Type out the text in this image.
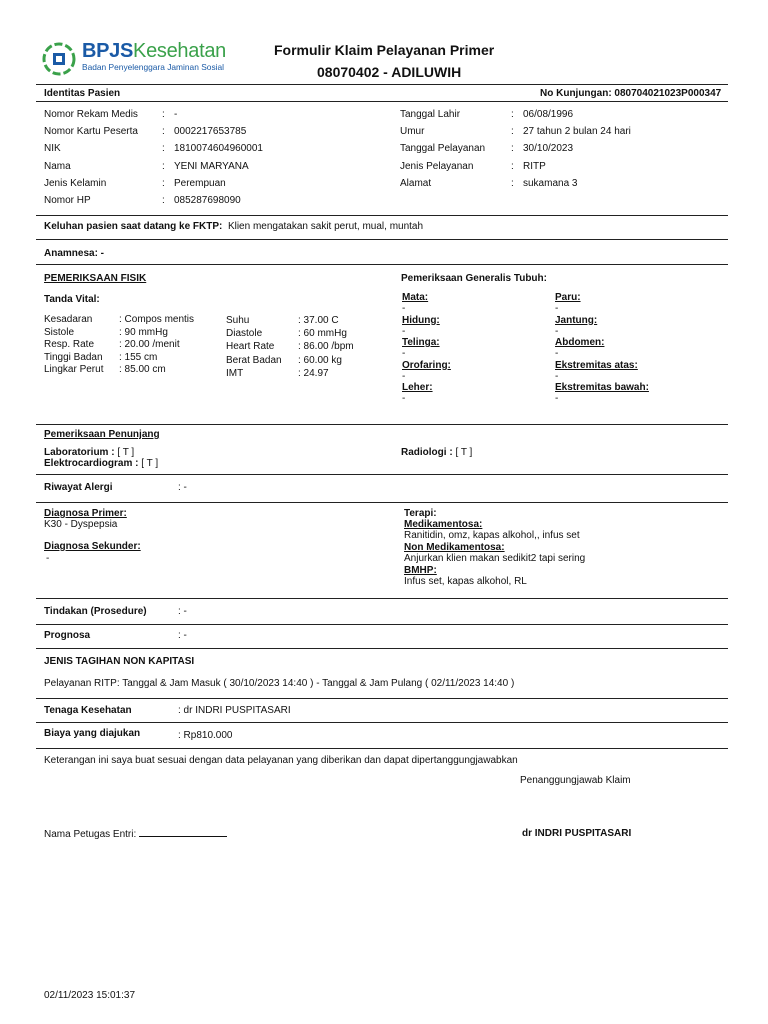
BPJSKesehatan
Badan Penyelenggara Jaminan Sosial
Formulir Klaim Pelayanan Primer
08070402 - ADILUWIH
Identitas Pasien	No Kunjungan: 080704021023P000347
Nomor Rekam Medis : -
Nomor Kartu Peserta : 0002217653785
NIK	: 1810074604960001
Nama	: YENI MARYANA
Jenis Kelamin	: Perempuan
Nomor HP	: 085287698090
Tanggal Lahir	: 06/08/1996
Umur	: 27 tahun 2 bulan 24 hari
Tanggal Pelayanan	: 30/10/2023
Jenis Pelayanan	: RITP
Alamat	: sukamana 3
Keluhan pasien saat datang ke FKTP: Klien mengatakan sakit perut, mual, muntah
Anamnesa: -
PEMERIKSAAN FISIK
Tanda Vital:
Pemeriksaan Generalis Tubuh:
Kesadaran	: Compos mentis
Sistole	: 90 mmHg
Resp. Rate : 20.00 /menit
Tinggi Badan : 155 cm
Lingkar Perut : 85.00 cm
Suhu	: 37.00 C
Diastole	: 60 mmHg
Heart Rate : 86.00 /bpm
Berat Badan : 60.00 kg
IMT	: 24.97
Mata:
-
Hidung:
-
Telinga:
-
Orofaring:
-
Leher:
-
Paru:
-
Jantung:
-
Abdomen:
-
Ekstremitas atas:
-
Ekstremitas bawah:
-
Pemeriksaan Penunjang
Laboratorium : [ T ]
Elektrocardiogram : [ T ]
Radiologi : [ T ]
Riwayat Alergi	: -
Diagnosa Primer:
K30 - Dyspepsia
Diagnosa Sekunder:
-
Terapi:
Medikamentosa:
Ranitidin, omz, kapas alkohol,, infus set
Non Medikamentosa:
Anjurkan klien makan sedikit2 tapi sering
BMHP:
Infus set, kapas alkohol, RL
Tindakan (Prosedure)	: -
Prognosa	: -
JENIS TAGIHAN NON KAPITASI
Pelayanan RITP: Tanggal & Jam Masuk ( 30/10/2023 14:40 ) - Tanggal & Jam Pulang ( 02/11/2023 14:40 )
Tenaga Kesehatan	: dr INDRI PUSPITASARI
Biaya yang diajukan	: Rp810.000
Keterangan ini saya buat sesuai dengan data pelayanan yang diberikan dan dapat dipertanggungjawabkan
Penanggungjawab Klaim
Nama Petugas Entri:	dr INDRI PUSPITASARI
02/11/2023 15:01:37
